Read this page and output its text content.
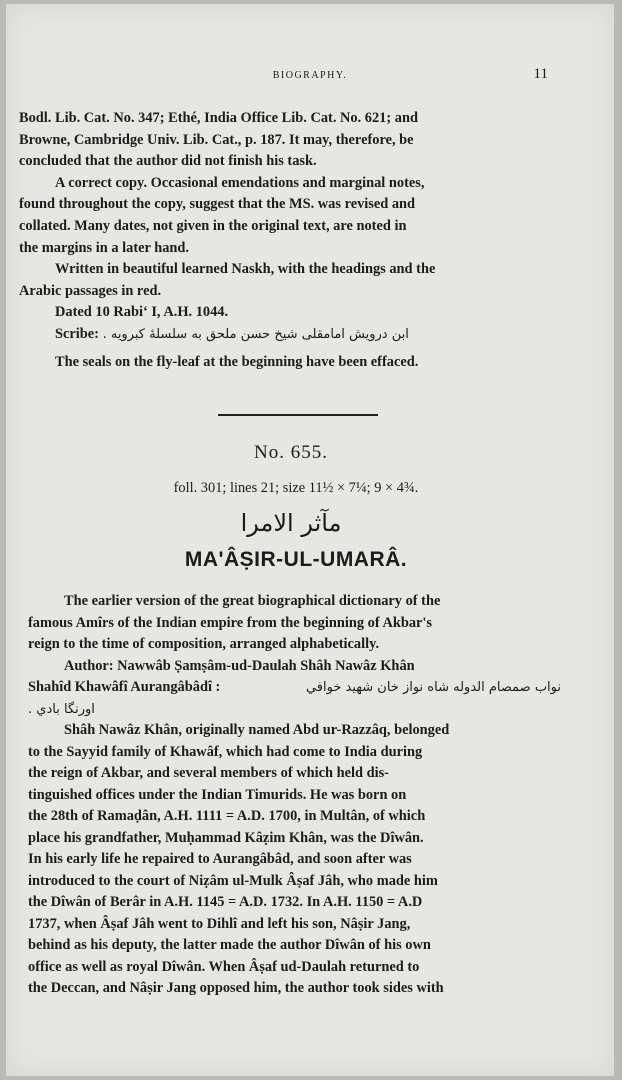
BIOGRAPHY.	11

Bodl. Lib. Cat. No. 347; Ethé, India Office Lib. Cat. No. 621; and
Browne, Cambridge Univ. Lib. Cat., p. 187. It may, therefore, be
concluded that the author did not finish his task.

A correct copy. Occasional emendations and marginal notes,
found throughout the copy, suggest that the MS. was revised and
collated. Many dates, not given in the original text, are noted in
the margins in a later hand.

Written in beautiful learned Naskh, with the headings and the
Arabic passages in red.

Dated 10 Rabiʻ I, A.H. 1044.

Scribe: ابن درویش امامقلی شیخ حسن ملحق به سلسلهٔ کبرویه .

The seals on the fly-leaf at the beginning have been effaced.

No. 655.
foll. 301; lines 21; size 11½ × 7¼; 9 × 4¾.
مآثر الامرا
MA'ÂṢIR-UL-UMARÂ.

The earlier version of the great biographical dictionary of the
famous Amîrs of the Indian empire from the beginning of Akbar's
reign to the time of composition, arranged alphabetically.

Author: Nawwâb Ṣamṣâm-ud-Daulah Shâh Nawâz Khân
Shahîd Khawâfî Aurangâbâdî :	نواب صمصام الدوله شاه نواز خان شهید خوافي
اورنگا بادي .

Shâh Nawâz Khân, originally named Abd ur-Razzâq, belonged
to the Sayyid family of Khawâf, which had come to India during
the reign of Akbar, and several members of which held dis-
tinguished offices under the Indian Timurids. He was born on
the 28th of Ramaḍân, A.H. 1111 = A.D. 1700, in Multân, of which
place his grandfather, Muḥammad Kâẓim Khân, was the Dîwân.
In his early life he repaired to Aurangâbâd, and soon after was
introduced to the court of Niẓâm ul-Mulk Âṣaf Jâh, who made him
the Dîwân of Berâr in A.H. 1145 = A.D. 1732. In A.H. 1150 = A.D
1737, when Âṣaf Jâh went to Dihlî and left his son, Nâṣir Jang,
behind as his deputy, the latter made the author Dîwân of his own
office as well as royal Dîwân. When Âṣaf ud-Daulah returned to
the Deccan, and Nâṣir Jang opposed him, the author took sides with
